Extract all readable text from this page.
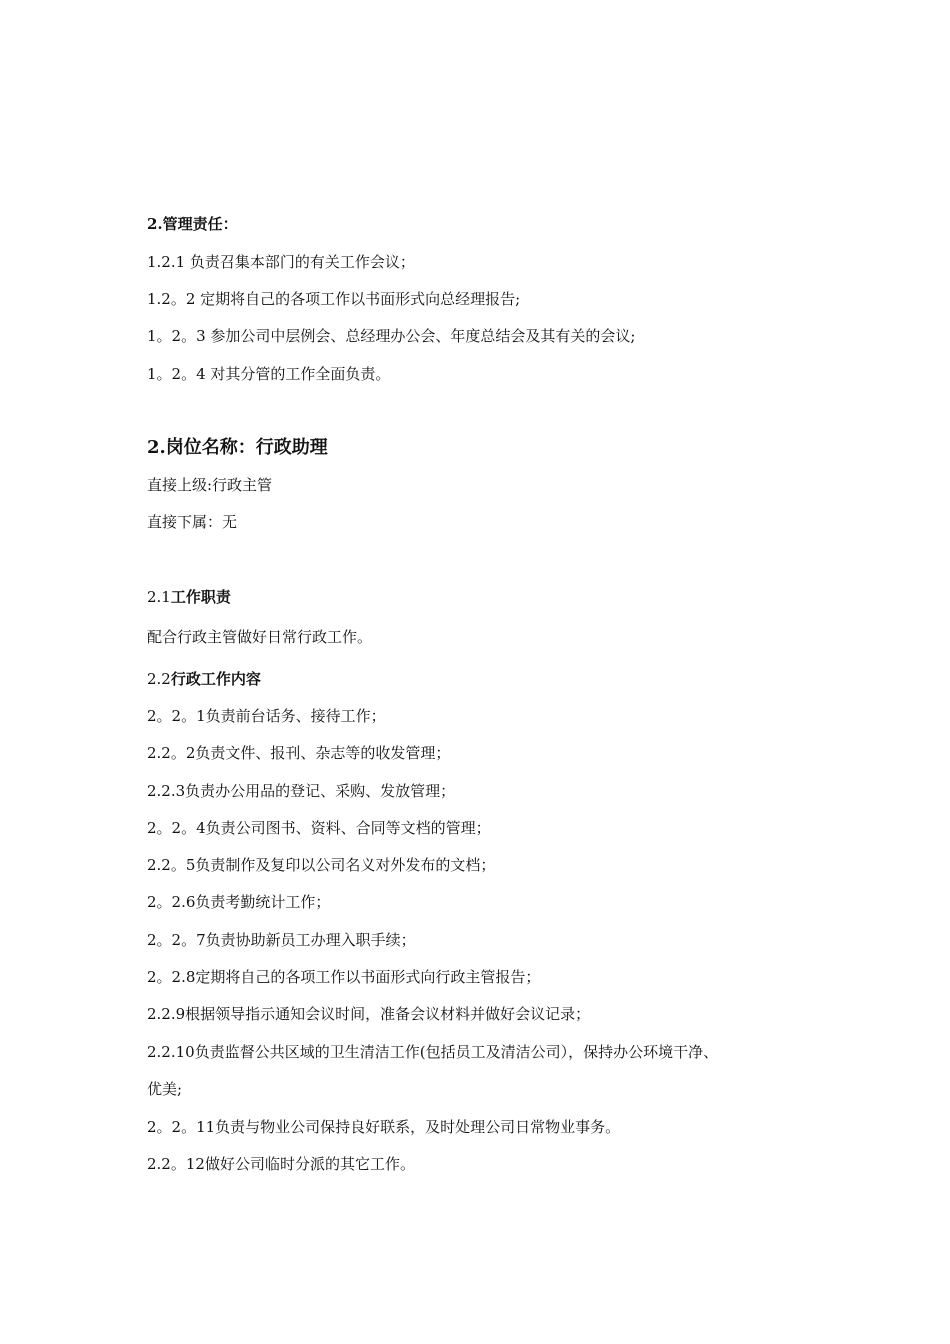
2.管理责任：
1.2.1 负责召集本部门的有关工作会议；
1.2。2 定期将自己的各项工作以书面形式向总经理报告;
1。2。3 参加公司中层例会、总经理办公会、年度总结会及其有关的会议;
1。2。4 对其分管的工作全面负责。
2.岗位名称：行政助理
直接上级:行政主管
直接下属：无
2.1工作职责
配合行政主管做好日常行政工作。
2.2行政工作内容
2。2。1负责前台话务、接待工作；
2.2。2负责文件、报刊、杂志等的收发管理；
2.2.3负责办公用品的登记、采购、发放管理；
2。2。4负责公司图书、资料、合同等文档的管理；
2.2。5负责制作及复印以公司名义对外发布的文档；
2。2.6负责考勤统计工作；
2。2。7负责协助新员工办理入职手续；
2。2.8定期将自己的各项工作以书面形式向行政主管报告；
2.2.9根据领导指示通知会议时间，准备会议材料并做好会议记录；
2.2.10负责监督公共区域的卫生清洁工作(包括员工及清洁公司），保持办公环境干净、
优美;
2。2。11负责与物业公司保持良好联系，及时处理公司日常物业事务。
2.2。12做好公司临时分派的其它工作。
